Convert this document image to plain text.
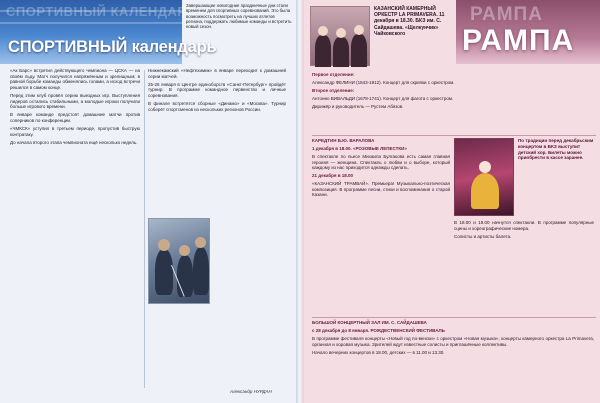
СПОРТИВНЫЙ КАЛЕНДАРЬ
СПОРТИВНЫЙ календарь
Завершающие новогодние праздничные дни стали временем для спортивных соревнований. Это была возможность посмотреть на лучших атлетов региона, поддержать любимые команды и встретить новый сезон.

«Ак Барс» встретил действующего чемпиона — ЦСКА — на своём льду. Матч получился напряжённым и зрелищным; в равной борьбе команды обменялись голами, а исход встречи решился в самом конце.

Перед этим клуб провёл серию выездных игр. Выступления лидеров остались стабильными, а молодые игроки получили больше игрового времени.

В январе команде предстоят домашние матчи против соперников по конференции.

«ЧМКСК» уступил в третьем периоде, пропустив быструю контратаку.

До начала второго этапа чемпионата ещё несколько недель.

Нижнекамский «Нефтехимик» в январе переходит к домашней серии матчей.

25-26 января в Центре единоборств «Санкт-Петербург» пройдёт турнир. В программе командное первенство и личные соревнования.

В финале встретятся сборные «Динамо» и «Москва». Турнир соберёт спортсменов из нескольких регионов России.

Александр НУРДАН
КАЗАНСКИЙ КАМЕРНЫЙ ОРКЕСТР LA PRIMAVERA. 11 декабря в 18.30. БКЗ им. С. Сайдашева. «Щелкунчик» Чайковского
РАМПА
РАМПА

Первое отделение:

Александр ФЕЛИНИ (1843-1912). Концерт для скрипки с оркестром.

Второе отделение:

Антонио ВИВАЛЬДИ (1678-1741). Концерт для фагота с оркестром.

Дирижёр и руководитель — Рустем Абязов.

КАРЕДТИН Б.Ю. ВАРАЛОВА

1 декабря в 18.00. «РОЗОВЫЕ ЛЕПЕСТКИ»

В спектакле по пьесе Михаила Булгакова есть самая главная героиня — женщина. Спектакль о любви и о выборе, который каждому из нас приходится однажды сделать.

21 декабря в 18.00

«КАЗАНСКИЙ ТРАМВАЙ». Премьера! Музыкально-поэтическая композиция. В программе песни, стихи и воспоминания о старой Казани.

По традиции перед декабрьским концертом в БКЗ выступит детский хор. Билеты можно приобрести в кассе заранее.

В 18.00 и 19.00 начнутся спектакли. В программе популярные сцены и хореографические номера.

Солисты и артисты балета.

БОЛЬШОЙ КОНЦЕРТНЫЙ ЗАЛ ИМ. С. САЙДАШЕВА

с 28 декабря до 8 января. РОЖДЕСТВЕНСКИЙ ФЕСТИВАЛЬ

В программе фестиваля концерты «Новый год по-венски» с оркестром «Новая музыка», концерты камерного оркестра La Primavera, органная и хоровая музыка. Зрителей ждут известные солисты и приглашённые коллективы.

Начало вечерних концертов в 18.00, детских — в 11.00 и 13.30.
